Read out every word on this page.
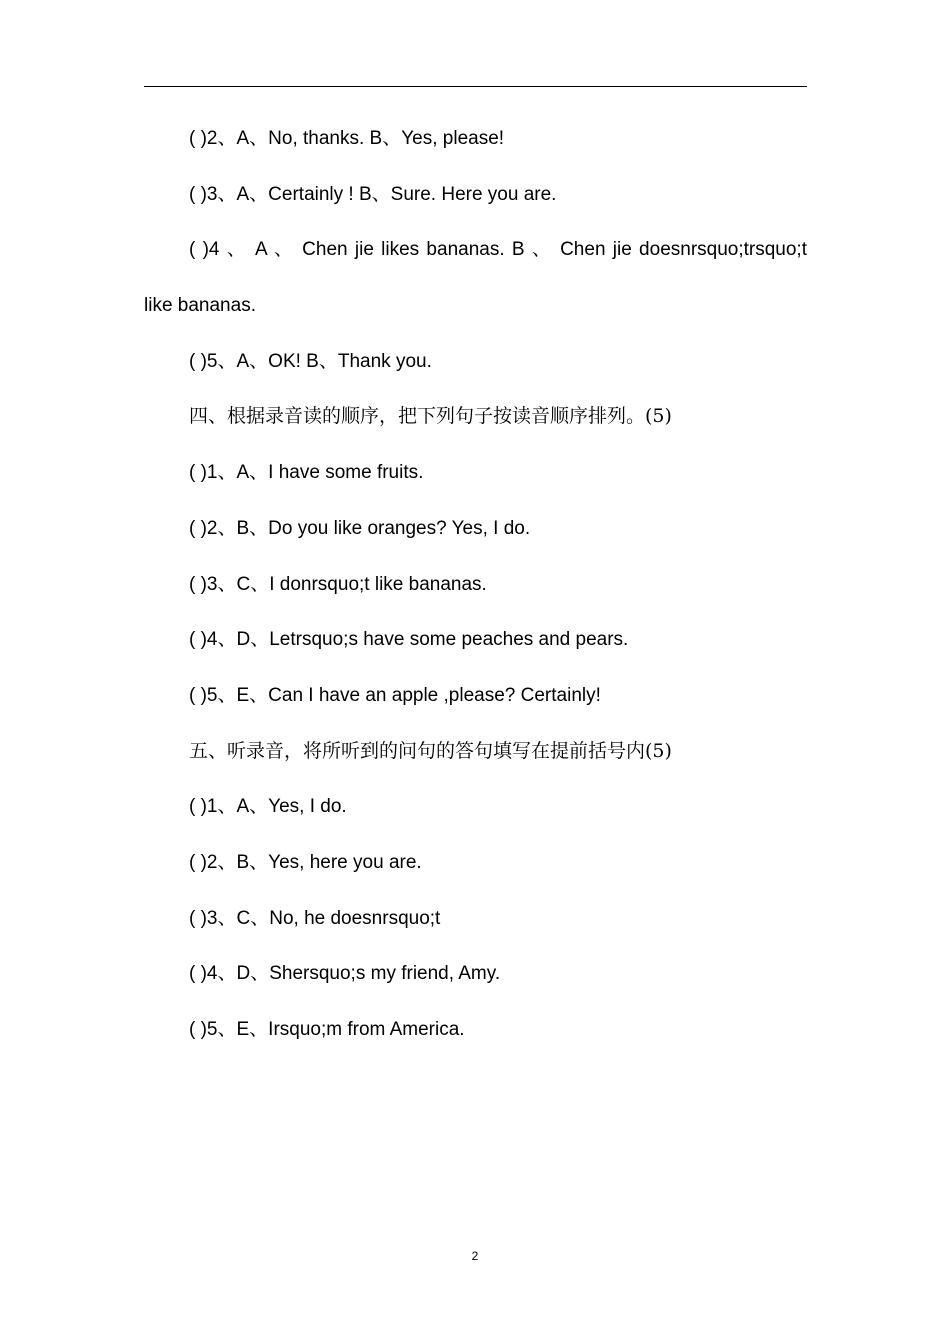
( )2、A、No, thanks. B、Yes, please!
( )3、A、Certainly ! B、Sure. Here you are.
( )4 、 A 、 Chen jie likes bananas. B 、 Chen jie doesnrsquo;trsquo;t
like bananas.
( )5、A、OK! B、Thank you.
四、根据录音读的顺序，把下列句子按读音顺序排列。(5)
( )1、A、I have some fruits.
( )2、B、Do you like oranges? Yes, I do.
( )3、C、I donrsquo;t like bananas.
( )4、D、Letrsquo;s have some peaches and pears.
( )5、E、Can I have an apple ,please? Certainly!
五、听录音，将所听到的问句的答句填写在提前括号内(5)
( )1、A、Yes, I do.
( )2、B、Yes, here you are.
( )3、C、No, he doesnrsquo;t
( )4、D、Shersquo;s my friend, Amy.
( )5、E、Irsquo;m from America.
2
